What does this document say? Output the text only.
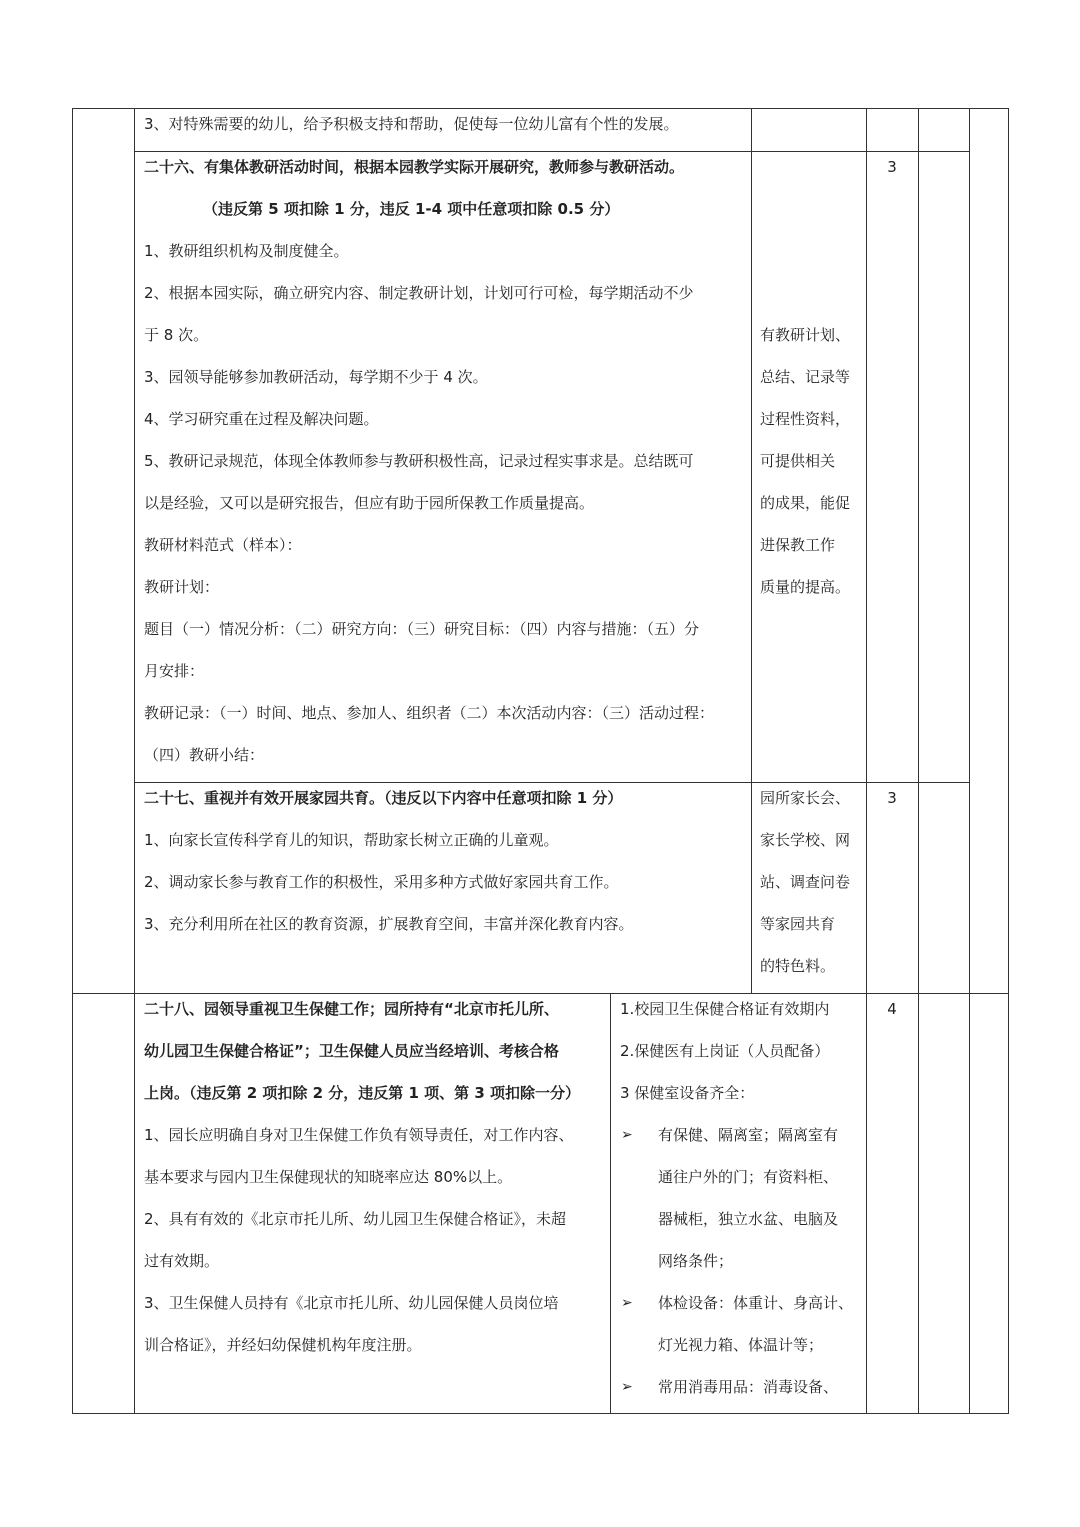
3、对特殊需要的幼儿，给予积极支持和帮助，促使每一位幼儿富有个性的发展。
二十六、有集体教研活动时间，根据本园教学实际开展研究，教师参与教研活动。
（违反第 5 项扣除 1 分，违反 1-4 项中任意项扣除 0.5 分）
1、教研组织机构及制度健全。
2、根据本园实际，确立研究内容、制定教研计划，计划可行可检，每学期活动不少
于 8 次。
3、园领导能够参加教研活动，每学期不少于 4 次。
4、学习研究重在过程及解决问题。
5、教研记录规范，体现全体教师参与教研积极性高，记录过程实事求是。总结既可
以是经验，又可以是研究报告，但应有助于园所保教工作质量提高。
教研材料范式（样本）：
教研计划：
题目（一）情况分析：（二）研究方向：（三）研究目标：（四）内容与措施：（五）分
月安排：
教研记录：（一）时间、地点、参加人、组织者（二）本次活动内容：（三）活动过程：
（四）教研小结：
有教研计划、
总结、记录等
过程性资料，
可提供相关
的成果，能促
进保教工作
质量的提高。
3
二十七、重视并有效开展家园共育。（违反以下内容中任意项扣除 1 分）
1、向家长宣传科学育儿的知识，帮助家长树立正确的儿童观。
2、调动家长参与教育工作的积极性，采用多种方式做好家园共育工作。
3、充分利用所在社区的教育资源，扩展教育空间，丰富并深化教育内容。
园所家长会、
家长学校、网
站、调查问卷
等家园共育
的特色料。
3
二十八、园领导重视卫生保健工作；园所持有“北京市托儿所、
幼儿园卫生保健合格证”；卫生保健人员应当经培训、考核合格
上岗。（违反第 2 项扣除 2 分，违反第 1 项、第 3 项扣除一分）
1、园长应明确自身对卫生保健工作负有领导责任，对工作内容、
基本要求与园内卫生保健现状的知晓率应达 80%以上。
2、具有有效的《北京市托儿所、幼儿园卫生保健合格证》，未超
过有效期。
3、卫生保健人员持有《北京市托儿所、幼儿园保健人员岗位培
训合格证》，并经妇幼保健机构年度注册。
1.校园卫生保健合格证有效期内
2.保健医有上岗证（人员配备）
3 保健室设备齐全：
➢ 有保健、隔离室；隔离室有
通往户外的门；有资料柜、
器械柜，独立水盆、电脑及
网络条件；
➢ 体检设备：体重计、身高计、
灯光视力箱、体温计等；
➢ 常用消毒用品：消毒设备、
4
